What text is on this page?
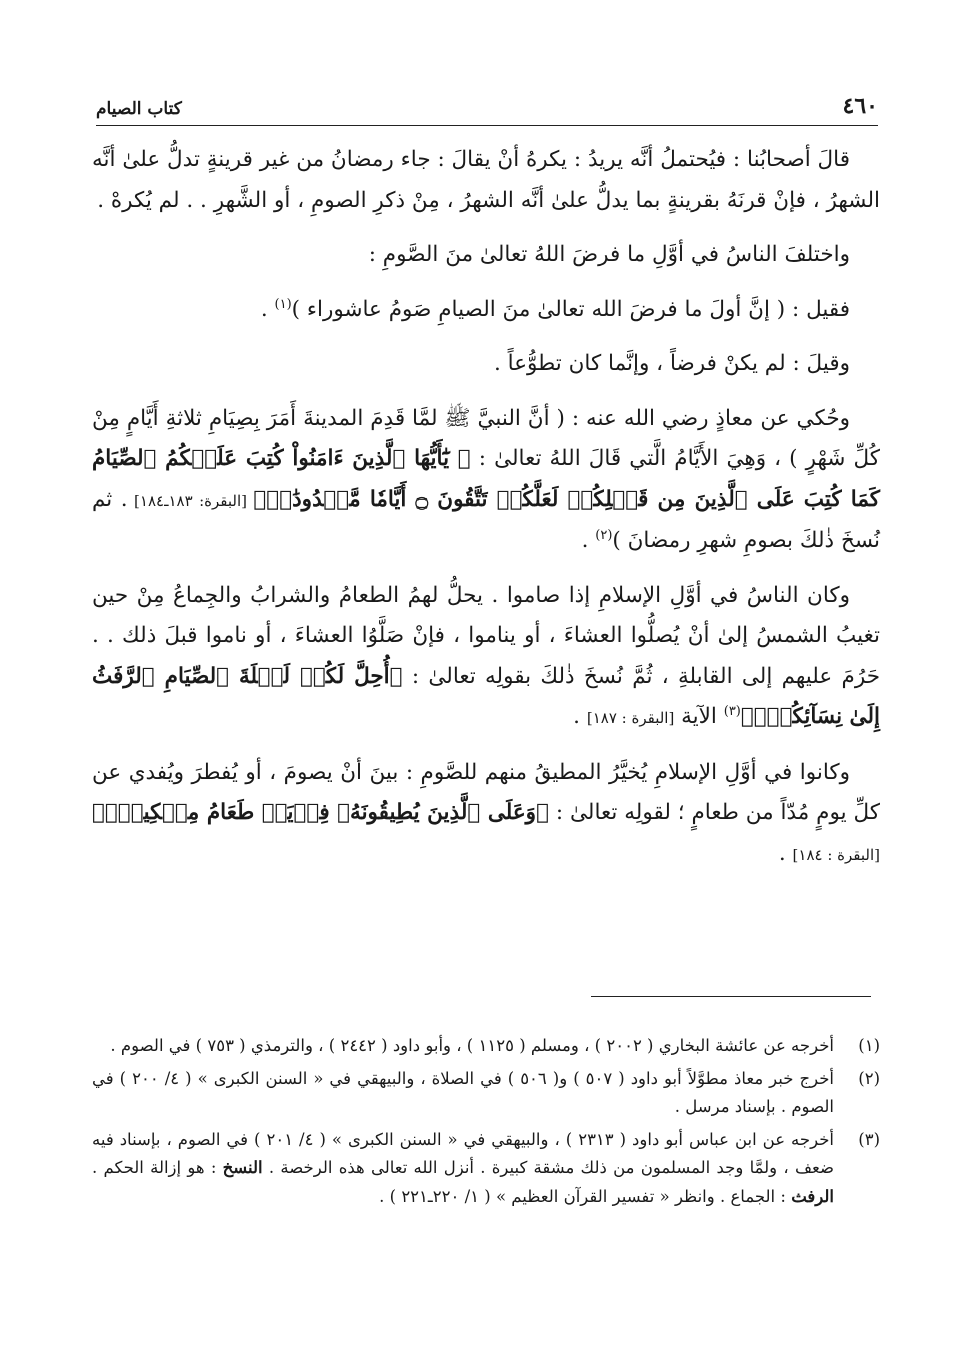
٤٦٠
كتاب الصيام

قالَ أصحابُنا : فيُحتملُ أنَّه يريدُ : يكرهُ أنْ يقالَ : جاء رمضانُ من غير قرينةٍ تدلُّ علىٰ أنَّه الشهرُ ، فإنْ قرنَهُ بقرينةٍ بما يدلُّ علىٰ أنَّه الشهرُ ، مِنْ ذكرِ الصومِ ، أو الشَّهرِ . . لم يُكرهْ .

واختلفَ الناسُ في أوَّلِ ما فرضَ اللهُ تعالىٰ منَ الصَّومِ :

فقيل : ( إنَّ أولَ ما فرضَ الله تعالىٰ منَ الصيامِ صَومُ عاشوراء )$^{(١)}$ .

وقيلَ : لم يكنْ فرضاً ، وإنَّما كان تطوُّعاً .

وحُكي عن معاذٍ رضي الله عنه : ( أنَّ النبيَّ ﷺ لمَّا قَدِمَ المدينةَ أَمَرَ بِصِيَامِ ثلاثةِ أَيَّامٍ مِنْ كُلِّ شَهْرٍ ) ، وَهِيَ الأَيَّامُ الَّتي قَالَ اللهُ تعالىٰ : ﴿ يَٰٓأَيُّهَا ٱلَّذِينَ ءَامَنُواْ كُتِبَ عَلَيۡكُمُ ٱلصِّيَامُ كَمَا كُتِبَ عَلَى ٱلَّذِينَ مِن قَبۡلِكُمۡ لَعَلَّكُمۡ تَتَّقُونَ ۝ أَيَّامٗا مَّعۡدُودَٰتٖ﴾ [البقرة: ١٨٣ـ١٨٤] . ثم نُسخَ ذٰلكَ بصومِ شهرِ رمضانَ )$^{(٢)}$ .

وكان الناسُ في أوَّلِ الإسلامِ إذا صاموا . يحلُّ لهمُ الطعامُ والشرابُ والجِماعُ مِنْ حين تغيبُ الشمسُ إلىٰ أنْ يُصلُّوا العشاءَ ، أو يناموا ، فإنْ صَلَّوُا العشاءَ ، أو ناموا قبلَ ذلك . . حَرُمَ عليهم إلى القابلةِ ، ثُمَّ نُسخَ ذٰلكَ بقولِه تعالىٰ : ﴿أُحِلَّ لَكُمۡ لَيۡلَةَ ٱلصِّيَامِ ٱلرَّفَثُ إِلَىٰ نِسَآئِكُمۡۚ﴾$^{(٣)}$ الآية [البقرة : ١٨٧] .

وكانوا في أوَّلِ الإسلامِ يُخيَّرُ المطيقُ منهم للصَّومِ : بينَ أنْ يصومَ ، أو يُفطرَ ويُفدي عن كلِّ يومٍ مُدّاً من طعامٍ ؛ لقولِه تعالىٰ : ﴿وَعَلَى ٱلَّذِينَ يُطِيقُونَهُۥ فِدۡيَةٞ طَعَامُ مِسۡكِينٖۖ﴾ [البقرة : ١٨٤] .

(١)
أخرجه عن عائشة البخاري ( ٢٠٠٢ ) ، ومسلم ( ١١٢٥ ) ، وأبو داود ( ٢٤٤٢ ) ، والترمذي ( ٧٥٣ ) في الصوم .
(٢)
أخرج خبر معاذ مطوَّلاً أبو داود ( ٥٠٧ ) و( ٥٠٦ ) في الصلاة ، والبيهقي في « السنن الكبرى » ( ٤/ ٢٠٠ ) في الصوم . بإسناد مرسل .
(٣)
أخرجه عن ابن عباس أبو داود ( ٢٣١٣ ) ، والبيهقي في « السنن الكبرى » ( ٤/ ٢٠١ ) في الصوم ، بإسناد فيه ضعف ، ولمَّا وجد المسلمون من ذلك مشقة كبيرة . أنزل الله تعالى هذه الرخصة . النسخ : هو إزالة الحكم . الرفث : الجماع . وانظر « تفسير القرآن العظيم » ( ١/ ٢٢٠ـ٢٢١ ) .
